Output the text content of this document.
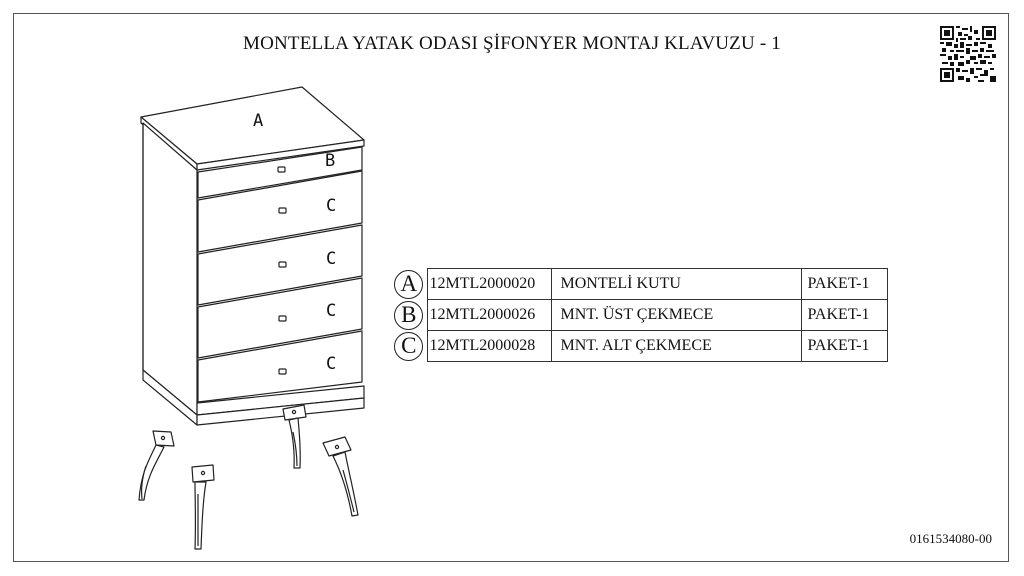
MONTELLA YATAK ODASI ŞİFONYER MONTAJ KLAVUZU - 1
A
B
C
C
C
C
A	12MTL2000020	MONTELİ KUTU	PAKET-1
B	12MTL2000026	MNT. ÜST ÇEKMECE	PAKET-1
C	12MTL2000028	MNT. ALT ÇEKMECE	PAKET-1
0161534080-00
